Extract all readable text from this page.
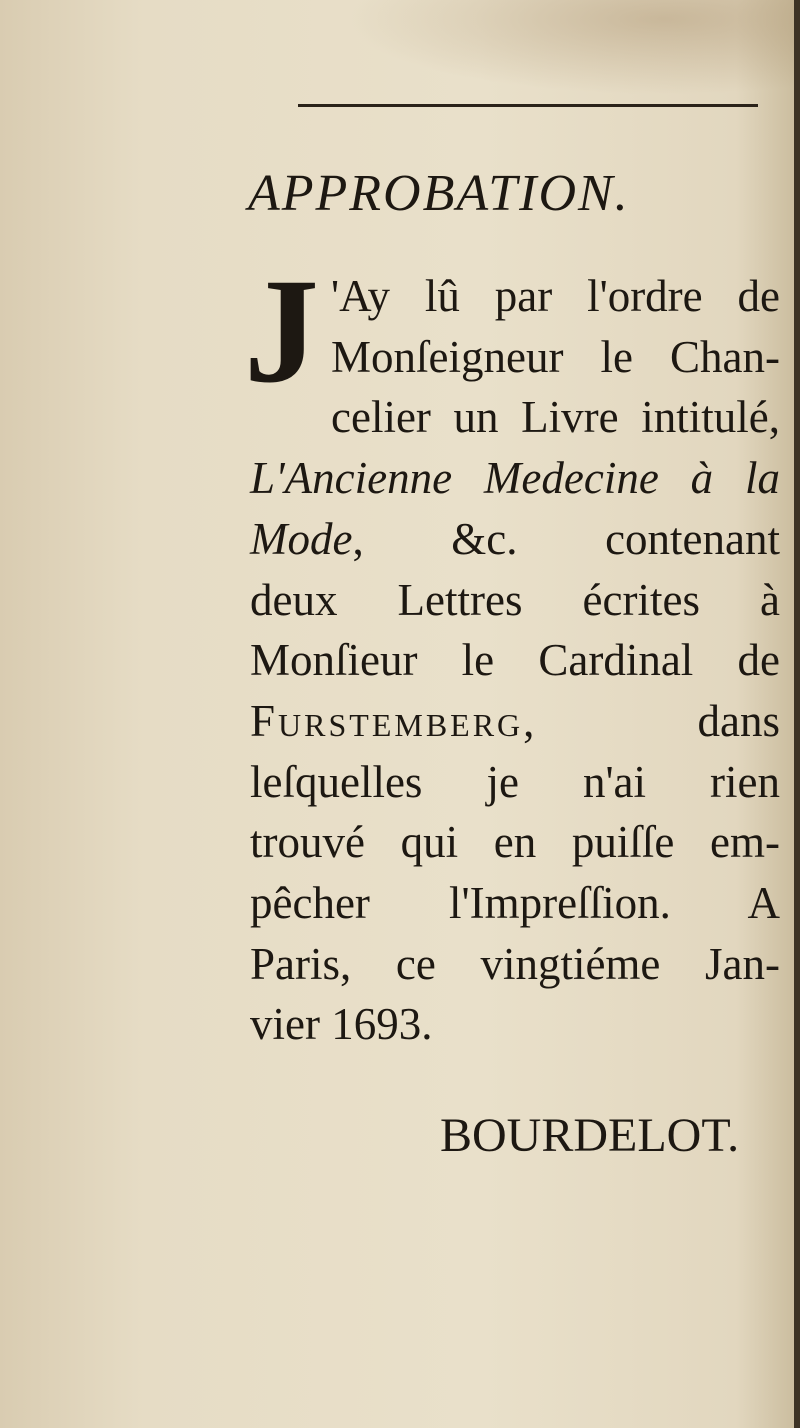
APPROBATION.
J 'Ay lû par l'ordre de
Monſeigneur le Chan-
celier un Livre intitulé,
L'Ancienne Medecine à la
Mode, &c. contenant
deux Lettres écrites à
Monſieur le Cardinal de
Furstemberg, dans
leſquelles je n'ai rien
trouvé qui en puiſſe em-
pêcher l'Impreſſion. A
Paris, ce vingtiéme Jan-
vier 1693.
BOURDELOT.
